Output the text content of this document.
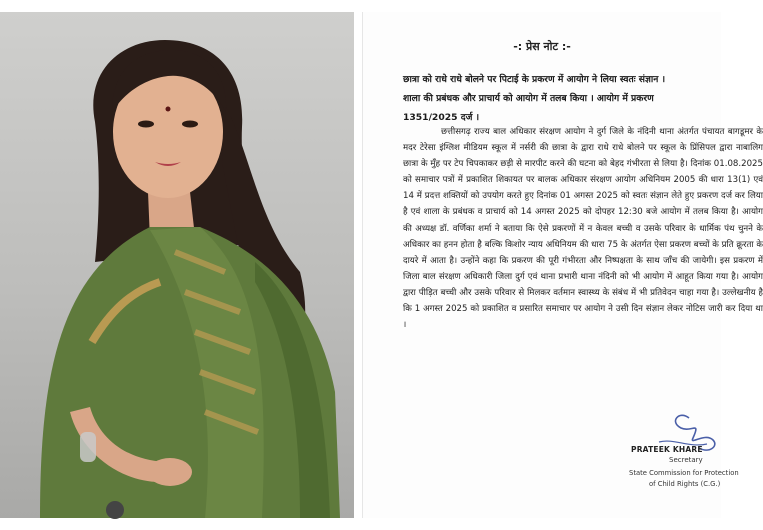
-: प्रेस नोट :-
छात्रा को राधे राधे बोलने पर पिटाई के प्रकरण में आयोग ने लिया स्वतः संज्ञान ।
शाला की प्रबंधक और प्राचार्य को आयोग में तलब किया । आयोग में प्रकरण
1351/2025 दर्ज ।
छत्तीसगढ़ राज्य बाल अधिकार संरक्षण आयोग ने दुर्ग जिले के नंदिनी थाना अंतर्गत पंचायत बागडूमर के मदर टेरेसा इंग्लिश मीडियम स्कूल में नर्सरी की छात्रा के द्वारा राधे राधे बोलने पर स्कूल के प्रिंसिपल द्वारा नाबालिग छात्रा के मुँह पर टेप चिपकाकर छड़ी से मारपीट करने की घटना को बेहद गंभीरता से लिया है। दिनांक 01.08.2025 को समाचार पत्रों में प्रकाशित शिकायत पर बालक अधिकार संरक्षण आयोग अधिनियम 2005 की धारा 13(1) एवं 14 में प्रदत्त शक्तियों को उपयोग करते हुए दिनांक 01 अगस्त 2025 को स्वतः संज्ञान लेते हुए प्रकरण दर्ज कर लिया है एवं शाला के प्रबंधक व प्राचार्य को 14 अगस्त 2025 को दोपहर 12:30 बजे आयोग में तलब किया है। आयोग की अध्यक्ष डॉ. वर्णिका शर्मा ने बताया कि ऐसे प्रकरणों में न केवल बच्ची व उसके परिवार के धार्मिक पंथ चुनने के अधिकार का हनन होता है बल्कि किशोर न्याय अधिनियम की धारा 75 के अंतर्गत ऐसा प्रकरण बच्चों के प्रति क्रूरता के दायरे में आता है। उन्होंने कहा कि प्रकरण की पूरी गंभीरता और निष्पक्षता के साथ जाँच की जायेगी। इस प्रकरण में जिला बाल संरक्षण अधिकारी जिला दुर्ग एवं थाना प्रभारी थाना नंदिनी को भी आयोग में आहूत किया गया है। आयोग द्वारा पीड़ित बच्ची और उसके परिवार से मिलकर वर्तमान स्वास्थ्य के संबंध में भी प्रतिवेदन चाहा गया है। उल्लेखनीय है कि 1 अगस्त 2025 को प्रकाशित व प्रसारित समाचार पर आयोग ने उसी दिन संज्ञान लेकर नोटिस जारी कर दिया था ।
PRATEEK KHARE
Secretary
State Commission for Protection
of Child Rights (C.G.)
